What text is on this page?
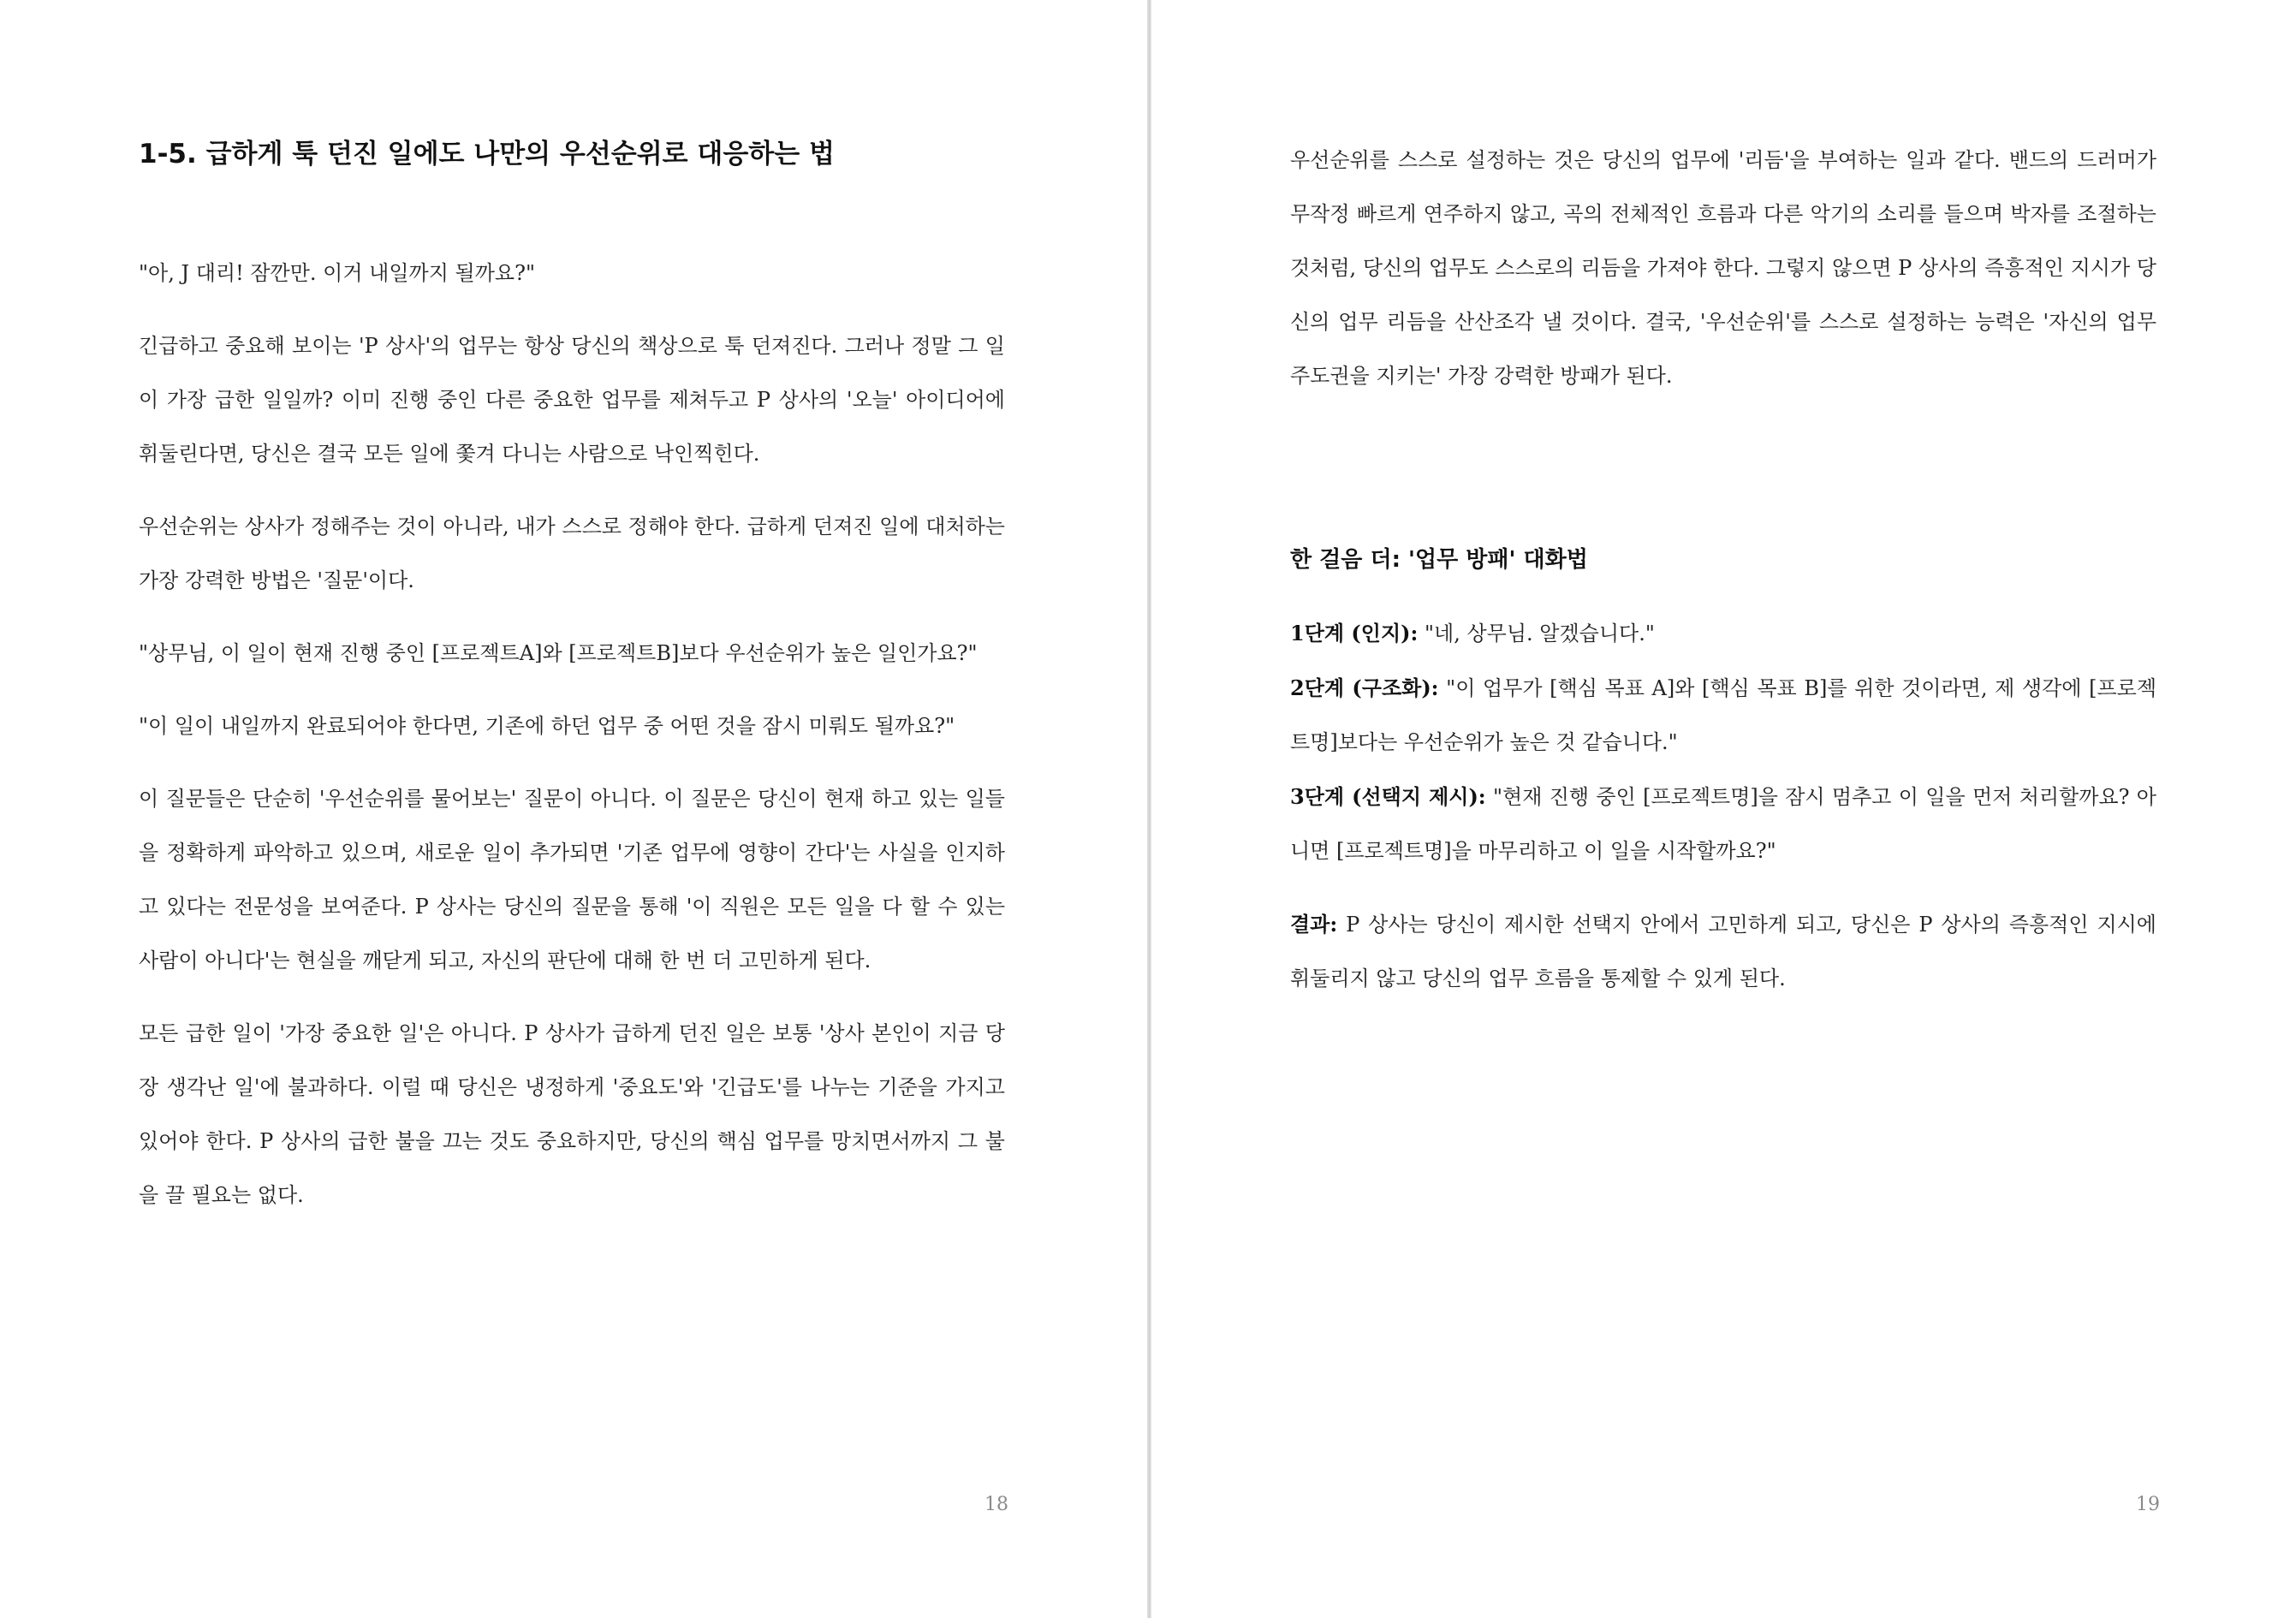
1-5. 급하게 툭 던진 일에도 나만의 우선순위로 대응하는 법

"아, J 대리! 잠깐만. 이거 내일까지 될까요?"

긴급하고 중요해 보이는 'P 상사'의 업무는 항상 당신의 책상으로 툭 던져진다. 그러나 정말 그 일이 가장 급한 일일까? 이미 진행 중인 다른 중요한 업무를 제쳐두고 P 상사의 '오늘' 아이디어에 휘둘린다면, 당신은 결국 모든 일에 쫓겨 다니는 사람으로 낙인찍힌다.

우선순위는 상사가 정해주는 것이 아니라, 내가 스스로 정해야 한다. 급하게 던져진 일에 대처하는 가장 강력한 방법은 '질문'이다.

"상무님, 이 일이 현재 진행 중인 [프로젝트A]와 [프로젝트B]보다 우선순위가 높은 일인가요?"

"이 일이 내일까지 완료되어야 한다면, 기존에 하던 업무 중 어떤 것을 잠시 미뤄도 될까요?"

이 질문들은 단순히 '우선순위를 물어보는' 질문이 아니다. 이 질문은 당신이 현재 하고 있는 일들을 정확하게 파악하고 있으며, 새로운 일이 추가되면 '기존 업무에 영향이 간다'는 사실을 인지하고 있다는 전문성을 보여준다. P 상사는 당신의 질문을 통해 '이 직원은 모든 일을 다 할 수 있는 사람이 아니다'는 현실을 깨닫게 되고, 자신의 판단에 대해 한 번 더 고민하게 된다.

모든 급한 일이 '가장 중요한 일'은 아니다. P 상사가 급하게 던진 일은 보통 '상사 본인이 지금 당장 생각난 일'에 불과하다. 이럴 때 당신은 냉정하게 '중요도'와 '긴급도'를 나누는 기준을 가지고 있어야 한다. P 상사의 급한 불을 끄는 것도 중요하지만, 당신의 핵심 업무를 망치면서까지 그 불을 끌 필요는 없다.

18

우선순위를 스스로 설정하는 것은 당신의 업무에 '리듬'을 부여하는 일과 같다. 밴드의 드러머가 무작정 빠르게 연주하지 않고, 곡의 전체적인 흐름과 다른 악기의 소리를 들으며 박자를 조절하는 것처럼, 당신의 업무도 스스로의 리듬을 가져야 한다. 그렇지 않으면 P 상사의 즉흥적인 지시가 당신의 업무 리듬을 산산조각 낼 것이다. 결국, '우선순위'를 스스로 설정하는 능력은 '자신의 업무 주도권을 지키는' 가장 강력한 방패가 된다.

한 걸음 더: '업무 방패' 대화법

1단계 (인지): "네, 상무님. 알겠습니다."

2단계 (구조화): "이 업무가 [핵심 목표 A]와 [핵심 목표 B]를 위한 것이라면, 제 생각에 [프로젝트명]보다는 우선순위가 높은 것 같습니다."

3단계 (선택지 제시): "현재 진행 중인 [프로젝트명]을 잠시 멈추고 이 일을 먼저 처리할까요? 아니면 [프로젝트명]을 마무리하고 이 일을 시작할까요?"

결과: P 상사는 당신이 제시한 선택지 안에서 고민하게 되고, 당신은 P 상사의 즉흥적인 지시에 휘둘리지 않고 당신의 업무 흐름을 통제할 수 있게 된다.

19
